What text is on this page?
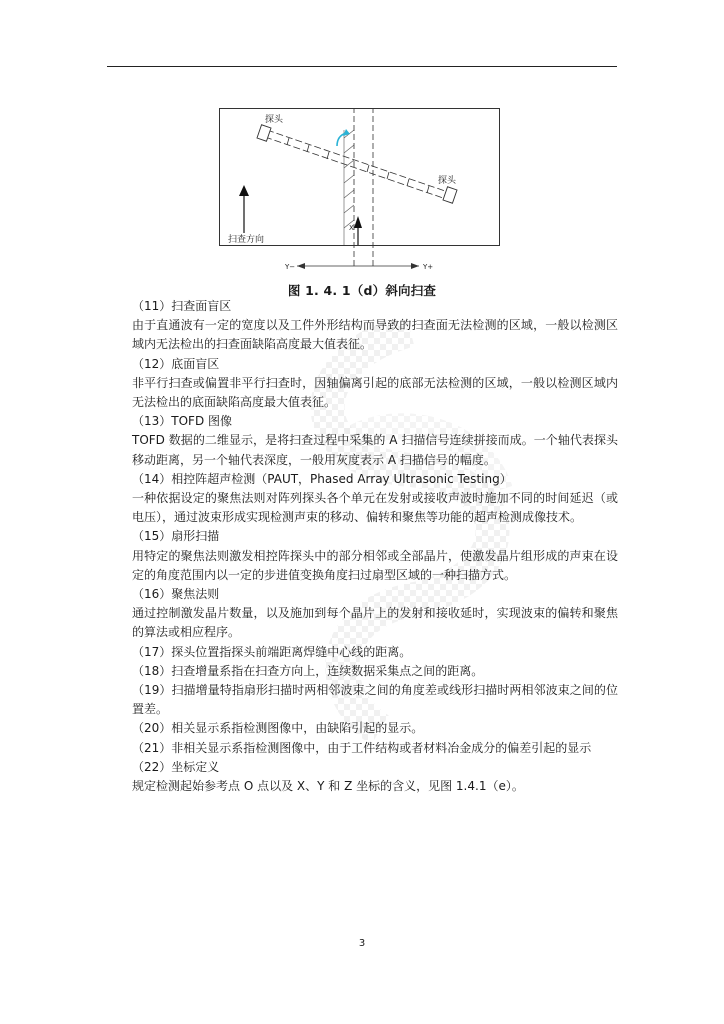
探头
探头
扫查方向
X
Y−	Y+
图 1. 4. 1（d）斜向扫查

（11）扫查面盲区

由于直通波有一定的宽度以及工件外形结构而导致的扫查面无法检测的区域，一般以检测区域内无法检出的扫查面缺陷高度最大值表征。

（12）底面盲区

非平行扫查或偏置非平行扫查时，因轴偏离引起的底部无法检测的区域，一般以检测区域内无法检出的底面缺陷高度最大值表征。

（13）TOFD 图像

TOFD 数据的二维显示，是将扫查过程中采集的 A 扫描信号连续拼接而成。一个轴代表探头移动距离，另一个轴代表深度，一般用灰度表示 A 扫描信号的幅度。

（14）相控阵超声检测（PAUT，Phased Array Ultrasonic Testing）

一种依据设定的聚焦法则对阵列探头各个单元在发射或接收声波时施加不同的时间延迟（或电压），通过波束形成实现检测声束的移动、偏转和聚焦等功能的超声检测成像技术。

（15）扇形扫描

用特定的聚焦法则激发相控阵探头中的部分相邻或全部晶片，使激发晶片组形成的声束在设定的角度范围内以一定的步进值变换角度扫过扇型区域的一种扫描方式。

（16）聚焦法则

通过控制激发晶片数量，以及施加到每个晶片上的发射和接收延时，实现波束的偏转和聚焦的算法或相应程序。

（17）探头位置指探头前端距离焊缝中心线的距离。

（18）扫查增量系指在扫查方向上，连续数据采集点之间的距离。

（19）扫描增量特指扇形扫描时两相邻波束之间的角度差或线形扫描时两相邻波束之间的位置差。

（20）相关显示系指检测图像中，由缺陷引起的显示。

（21）非相关显示系指检测图像中，由于工件结构或者材料冶金成分的偏差引起的显示

（22）坐标定义

规定检测起始参考点 O 点以及 X、Y 和 Z 坐标的含义，见图 1.4.1（e）。

3
